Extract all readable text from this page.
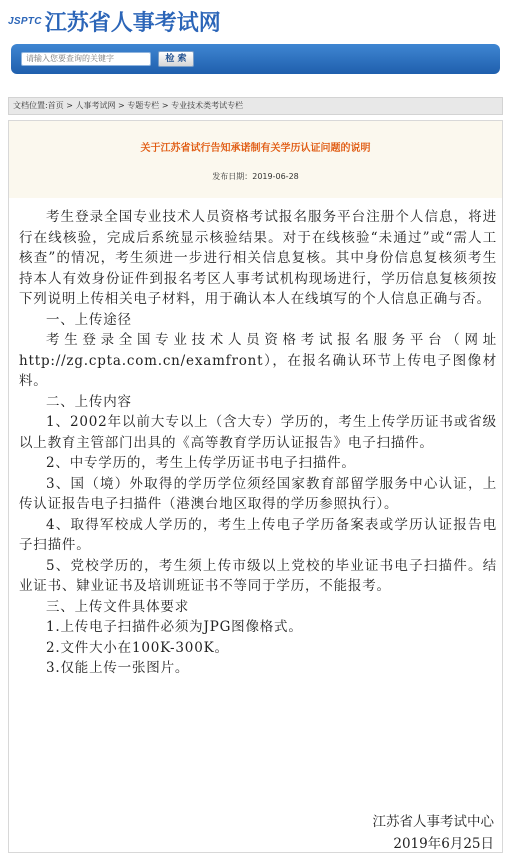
JSPTC 江苏省人事考试网
请输入您要查询的关键字
检 索
文档位置:首页 > 人事考试网 > 专题专栏 > 专业技术类考试专栏
关于江苏省试行告知承诺制有关学历认证问题的说明
发布日期：2019-06-28

考生登录全国专业技术人员资格考试报名服务平台注册个人信息，将进行在线核验，完成后系统显示核验结果。对于在线核验“未通过”或“需人工核查”的情况，考生须进一步进行相关信息复核。其中身份信息复核须考生持本人有效身份证件到报名考区人事考试机构现场进行，学历信息复核须按下列说明上传相关电子材料，用于确认本人在线填写的个人信息正确与否。

一、上传途径

考生登录全国专业技术人员资格考试报名服务平台（网址http://zg.cpta.com.cn/examfront），在报名确认环节上传电子图像材料。

二、上传内容

1、2002年以前大专以上（含大专）学历的，考生上传学历证书或省级以上教育主管部门出具的《高等教育学历认证报告》电子扫描件。

2、中专学历的，考生上传学历证书电子扫描件。

3、国（境）外取得的学历学位须经国家教育部留学服务中心认证，上传认证报告电子扫描件（港澳台地区取得的学历参照执行）。

4、取得军校成人学历的，考生上传电子学历备案表或学历认证报告电子扫描件。

5、党校学历的，考生须上传市级以上党校的毕业证书电子扫描件。结业证书、肄业证书及培训班证书不等同于学历，不能报考。

三、上传文件具体要求

1.上传电子扫描件必须为JPG图像格式。

2.文件大小在100K-300K。

3.仅能上传一张图片。

江苏省人事考试中心
2019年6月25日
